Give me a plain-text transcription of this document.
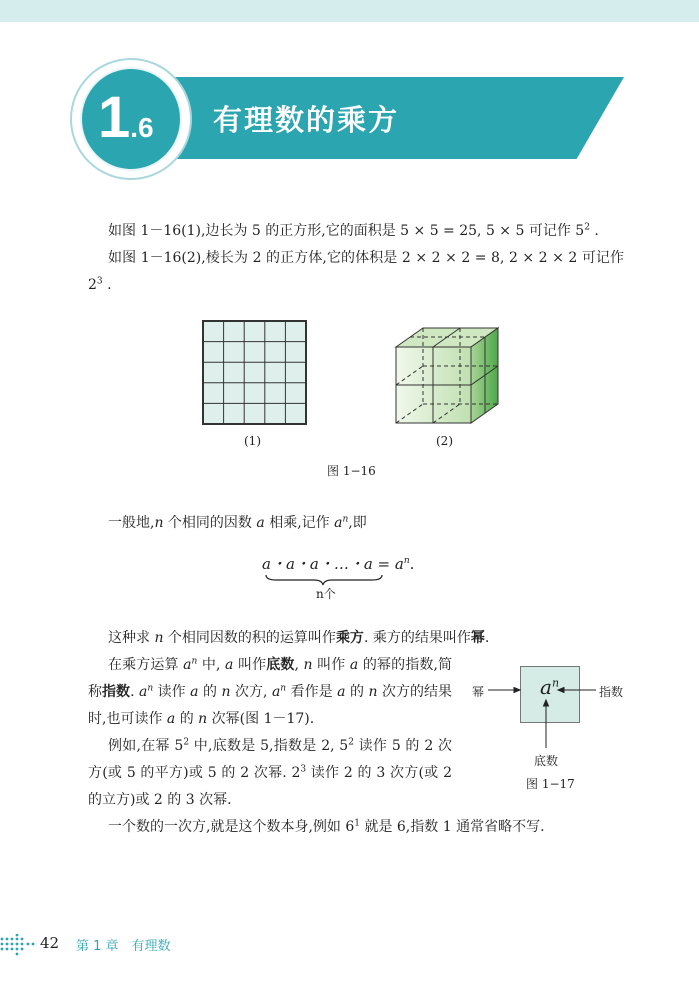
1.6 有理数的乘方

如图 1－16(1),边长为 5 的正方形,它的面积是 5 × 5 = 25, 5 × 5 可记作 $5^2$ .

如图 1－16(2),棱长为 2 的正方体,它的体积是 2 × 2 × 2 = 8, 2 × 2 × 2 可记作 $2^3$ .

(1)	(2)
图 1−16

一般地,n 个相同的因数 a 相乘,记作 $a^n$,即

a・a・a・…・$a = a^n$.
n个

这种求 n 个相同因数的积的运算叫作乘方. 乘方的结果叫作幂.

$a^n$
幂	指数
底数
图 1−17

在乘方运算 $a^n$ 中, a 叫作底数, n 叫作 a 的幂的指数,简称指数. $a^n$ 读作 a 的 n 次方, $a^n$ 看作是 a 的 n 次方的结果时,也可读作 a 的 n 次幂(图 1－17).

例如,在幂 $5^2$ 中,底数是 5,指数是 2, $5^2$ 读作 5 的 2 次方(或 5 的平方)或 5 的 2 次幂. $2^3$ 读作 2 的 3 次方(或 2 的立方)或 2 的 3 次幂.

一个数的一次方,就是这个数本身,例如 $6^1$ 就是 6,指数 1 通常省略不写.

42 第 1 章　有理数
